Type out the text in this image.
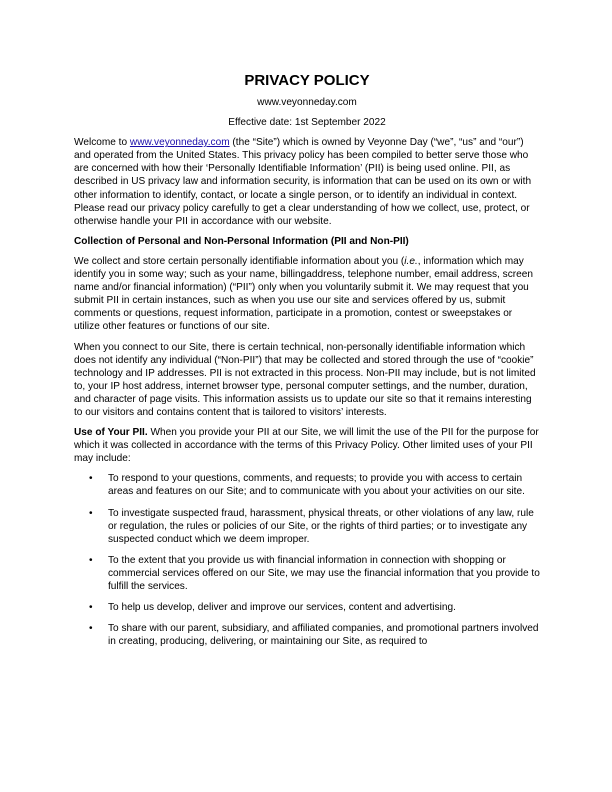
PRIVACY POLICY
www.veyonneday.com
Effective date: 1st September 2022

Welcome to www.veyonneday.com (the “Site”) which is owned by Veyonne Day (“we”, “us” and “our”) and operated from the United States. This privacy policy has been compiled to better serve those who are concerned with how their ‘Personally Identifiable Information’ (PII) is being used online. PII, as described in US privacy law and information security, is information that can be used on its own or with other information to identify, contact, or locate a single person, or to identify an individual in context. Please read our privacy policy carefully to get a clear understanding of how we collect, use, protect, or otherwise handle your PII in accordance with our website.

Collection of Personal and Non-Personal Information (PII and Non-PII)

We collect and store certain personally identifiable information about you (i.e., information which may identify you in some way; such as your name, billingaddress, telephone number, email address, screen name and/or financial information) (“PII”) only when you voluntarily submit it. We may request that you submit PII in certain instances, such as when you use our site and services offered by us, submit comments or questions, request information, participate in a promotion, contest or sweepstakes or utilize other features or functions of our site.

When you connect to our Site, there is certain technical, non-personally identifiable information which does not identify any individual (“Non-PII”) that may be collected and stored through the use of “cookie” technology and IP addresses. PII is not extracted in this process. Non-PII may include, but is not limited to, your IP host address, internet browser type, personal computer settings, and the number, duration, and character of page visits. This information assists us to update our site so that it remains interesting to our visitors and contains content that is tailored to visitors’ interests.

Use of Your PII. When you provide your PII at our Site, we will limit the use of the PII for the purpose for which it was collected in accordance with the terms of this Privacy Policy. Other limited uses of your PII may include:

• To respond to your questions, comments, and requests; to provide you with access to certain areas and features on our Site; and to communicate with you about your activities on our site.
• To investigate suspected fraud, harassment, physical threats, or other violations of any law, rule or regulation, the rules or policies of our Site, or the rights of third parties; or to investigate any suspected conduct which we deem improper.
• To the extent that you provide us with financial information in connection with shopping or commercial services offered on our Site, we may use the financial information that you provide to fulfill the services.
• To help us develop, deliver and improve our services, content and advertising.
• To share with our parent, subsidiary, and affiliated companies, and promotional partners involved in creating, producing, delivering, or maintaining our Site, as required to
